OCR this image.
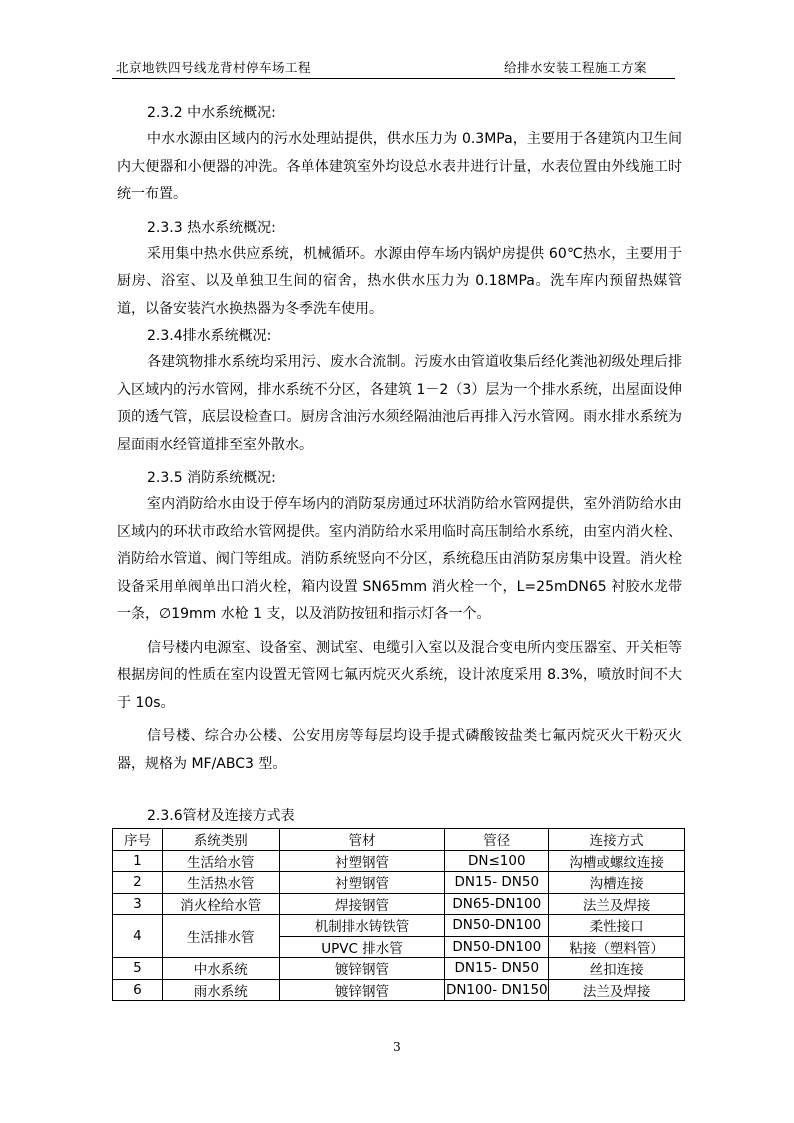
北京地铁四号线龙背村停车场工程	给排水安装工程施工方案

2.3.2 中水系统概况:

中水水源由区域内的污水处理站提供，供水压力为 0.3MPa，主要用于各建筑内卫生间内大便器和小便器的冲洗。各单体建筑室外均设总水表井进行计量，水表位置由外线施工时统一布置。

2.3.3 热水系统概况:

采用集中热水供应系统，机械循环。水源由停车场内锅炉房提供 60℃热水，主要用于厨房、浴室、以及单独卫生间的宿舍，热水供水压力为 0.18MPa。洗车库内预留热媒管道，以备安装汽水换热器为冬季洗车使用。

2.3.4排水系统概况:

各建筑物排水系统均采用污、废水合流制。污废水由管道收集后经化粪池初级处理后排入区域内的污水管网，排水系统不分区，各建筑 1－2（3）层为一个排水系统，出屋面设伸顶的透气管，底层设检查口。厨房含油污水须经隔油池后再排入污水管网。雨水排水系统为屋面雨水经管道排至室外散水。

2.3.5 消防系统概况:

室内消防给水由设于停车场内的消防泵房通过环状消防给水管网提供，室外消防给水由区域内的环状市政给水管网提供。室内消防给水采用临时高压制给水系统，由室内消火栓、消防给水管道、阀门等组成。消防系统竖向不分区，系统稳压由消防泵房集中设置。消火栓设备采用单阀单出口消火栓，箱内设置 SN65mm 消火栓一个，L=25mDN65 衬胶水龙带一条，∅19mm 水枪 1 支，以及消防按钮和指示灯各一个。

信号楼内电源室、设备室、测试室、电缆引入室以及混合变电所内变压器室、开关柜等根据房间的性质在室内设置无管网七氟丙烷灭火系统，设计浓度采用 8.3%，喷放时间不大于 10s。

信号楼、综合办公楼、公安用房等每层均设手提式磷酸铵盐类七氟丙烷灭火干粉灭火器，规格为 MF/ABC3 型。

2.3.6管材及连接方式表
序号	系统类别	管材	管径	连接方式
1	生活给水管	衬塑钢管	DN≤100	沟槽或螺纹连接
2	生活热水管	衬塑钢管	DN15- DN50	沟槽连接
3	消火栓给水管	焊接钢管	DN65-DN100	法兰及焊接
4	生活排水管	机制排水铸铁管	DN50-DN100	柔性接口
		UPVC 排水管	DN50-DN100	粘接（塑料管）
5	中水系统	镀锌钢管	DN15- DN50	丝扣连接
6	雨水系统	镀锌钢管	DN100- DN150	法兰及焊接
3
